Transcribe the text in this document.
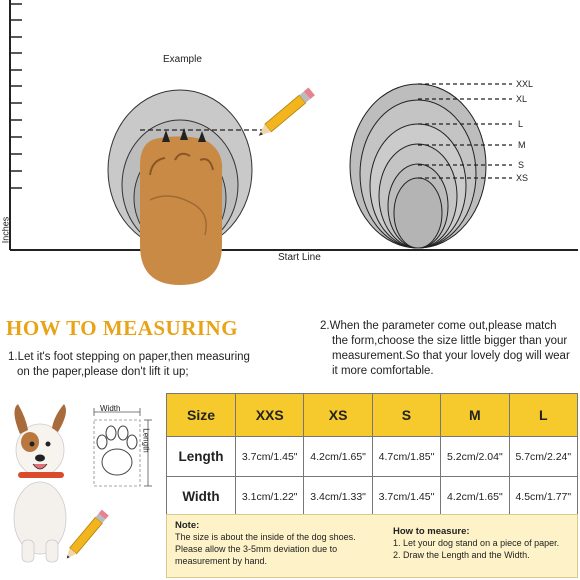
Example
Start Line
Inches
XXL
XL
L
M
S
XS
HOW TO MEASURING
1.Let it's foot stepping on paper,then measuring
on the paper,please don't lift it up;
2.When the parameter come out,please match
the form,choose the size little bigger than your
measurement.So that your lovely dog will wear
it more comfortable.
Width
Length
Size	XXS	XS	S	M	L
Length	3.7cm/1.45"	4.2cm/1.65"	4.7cm/1.85"	5.2cm/2.04"	5.7cm/2.24"
Width	3.1cm/1.22"	3.4cm/1.33"	3.7cm/1.45"	4.2cm/1.65"	4.5cm/1.77"
Note:
The size is about the inside of the dog shoes.
Please allow the 3-5mm deviation due to
measurement by hand.
How to measure:
1. Let your dog stand on a piece of paper.
2. Draw the Length and the Width.
